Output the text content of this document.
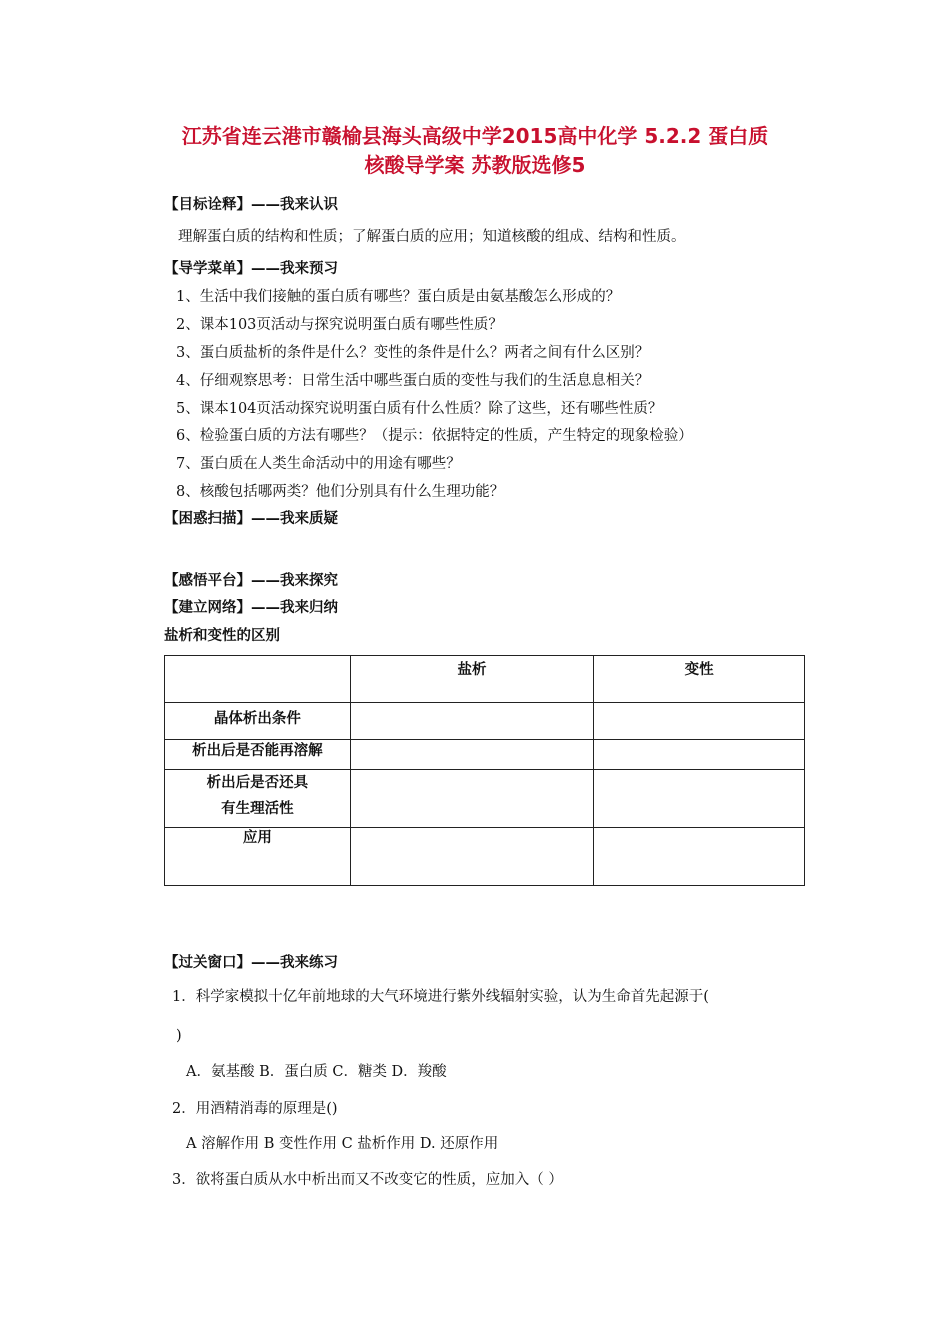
江苏省连云港市赣榆县海头高级中学2015高中化学 5.2.2 蛋白质
核酸导学案 苏教版选修5
【目标诠释】——我来认识
理解蛋白质的结构和性质；了解蛋白质的应用；知道核酸的组成、结构和性质。
【导学菜单】——我来预习
1、生活中我们接触的蛋白质有哪些？蛋白质是由氨基酸怎么形成的？
2、课本103页活动与探究说明蛋白质有哪些性质？
3、蛋白质盐析的条件是什么？变性的条件是什么？两者之间有什么区别？
4、仔细观察思考：日常生活中哪些蛋白质的变性与我们的生活息息相关？
5、课本104页活动探究说明蛋白质有什么性质？除了这些，还有哪些性质？
6、检验蛋白质的方法有哪些？（提示：依据特定的性质，产生特定的现象检验）
7、蛋白质在人类生命活动中的用途有哪些？
8、核酸包括哪两类？他们分别具有什么生理功能？
【困惑扫描】——我来质疑
【感悟平台】——我来探究
【建立网络】——我来归纳
盐析和变性的区别
	盐析	变性

晶体析出条件		

析出后是否能再溶解		

析出后是否还具
有生理活性		

应用		

【过关窗口】——我来练习
1．科学家模拟十亿年前地球的大气环境进行紫外线辐射实验，认为生命首先起源于(
)
A．氨基酸 B．蛋白质 C．糖类 D．羧酸
2．用酒精消毒的原理是()
A 溶解作用 B 变性作用 C 盐析作用 D. 还原作用
3．欲将蛋白质从水中析出而又不改变它的性质，应加入（ ）
